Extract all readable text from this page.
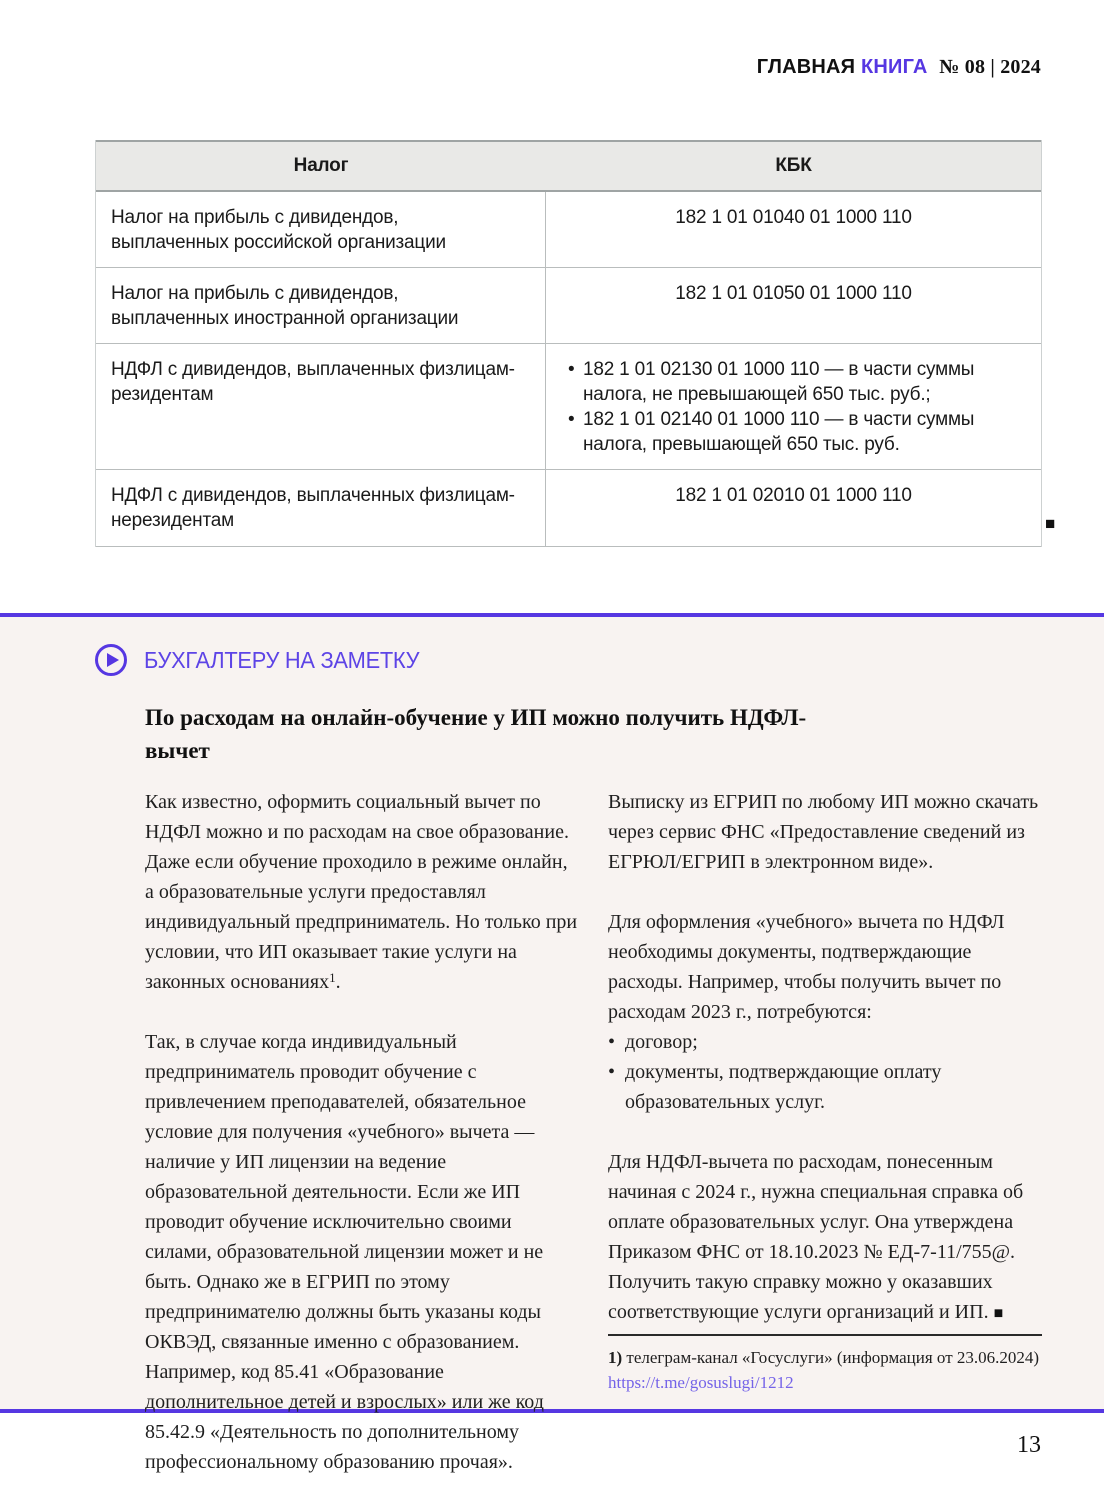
ГЛАВНАЯ КНИГА № 08 | 2024
Налог	КБК
Налог на прибыль с дивидендов, выплаченных российской организации
182 1 01 01040 01 1000 110
Налог на прибыль с дивидендов, выплаченных иностранной организации
182 1 01 01050 01 1000 110
НДФЛ с дивидендов, выплаченных физлицам-резидентам
• 182 1 01 02130 01 1000 110 — в части суммы налога, не превышающей 650 тыс. руб.;
• 182 1 01 02140 01 1000 110 — в части суммы налога, превышающей 650 тыс. руб.
НДФЛ с дивидендов, выплаченных физлицам-нерезидентам
182 1 01 02010 01 1000 110
■
БУХГАЛТЕРУ НА ЗАМЕТКУ
По расходам на онлайн-обучение у ИП можно получить НДФЛ-вычет

Как известно, оформить социальный вычет по НДФЛ можно и по расходам на свое образование. Даже если обучение проходило в режиме онлайн, а образовательные услуги предоставлял индивидуальный предприниматель. Но только при условии, что ИП оказывает такие услуги на законных основаниях$^1$.

Так, в случае когда индивидуальный предприниматель проводит обучение с привлечением преподавателей, обязательное условие для получения «учебного» вычета — наличие у ИП лицензии на ведение образовательной деятельности. Если же ИП проводит обучение исключительно своими силами, образовательной лицензии может и не быть. Однако же в ЕГРИП по этому предпринимателю должны быть указаны коды ОКВЭД, связанные именно с образованием. Например, код 85.41 «Образование дополнительное детей и взрослых» или же код 85.42.9 «Деятельность по дополнительному профессиональному образованию прочая».

Выписку из ЕГРИП по любому ИП можно скачать через сервис ФНС «Предоставление сведений из ЕГРЮЛ/ЕГРИП в электронном виде».

Для оформления «учебного» вычета по НДФЛ необходимы документы, подтверждающие расходы. Например, чтобы получить вычет по расходам 2023 г., потребуются:

• договор;
• документы, подтверждающие оплату образовательных услуг.

Для НДФЛ-вычета по расходам, понесенным начиная с 2024 г., нужна специальная справка об оплате образовательных услуг. Она утверждена Приказом ФНС от 18.10.2023 № ЕД-7-11/755@. Получить такую справку можно у оказавших соответствующие услуги организаций и ИП. ■

1) телеграм-канал «Госуслуги» (информация от 23.06.2024)
https://t.me/gosuslugi/1212
13
